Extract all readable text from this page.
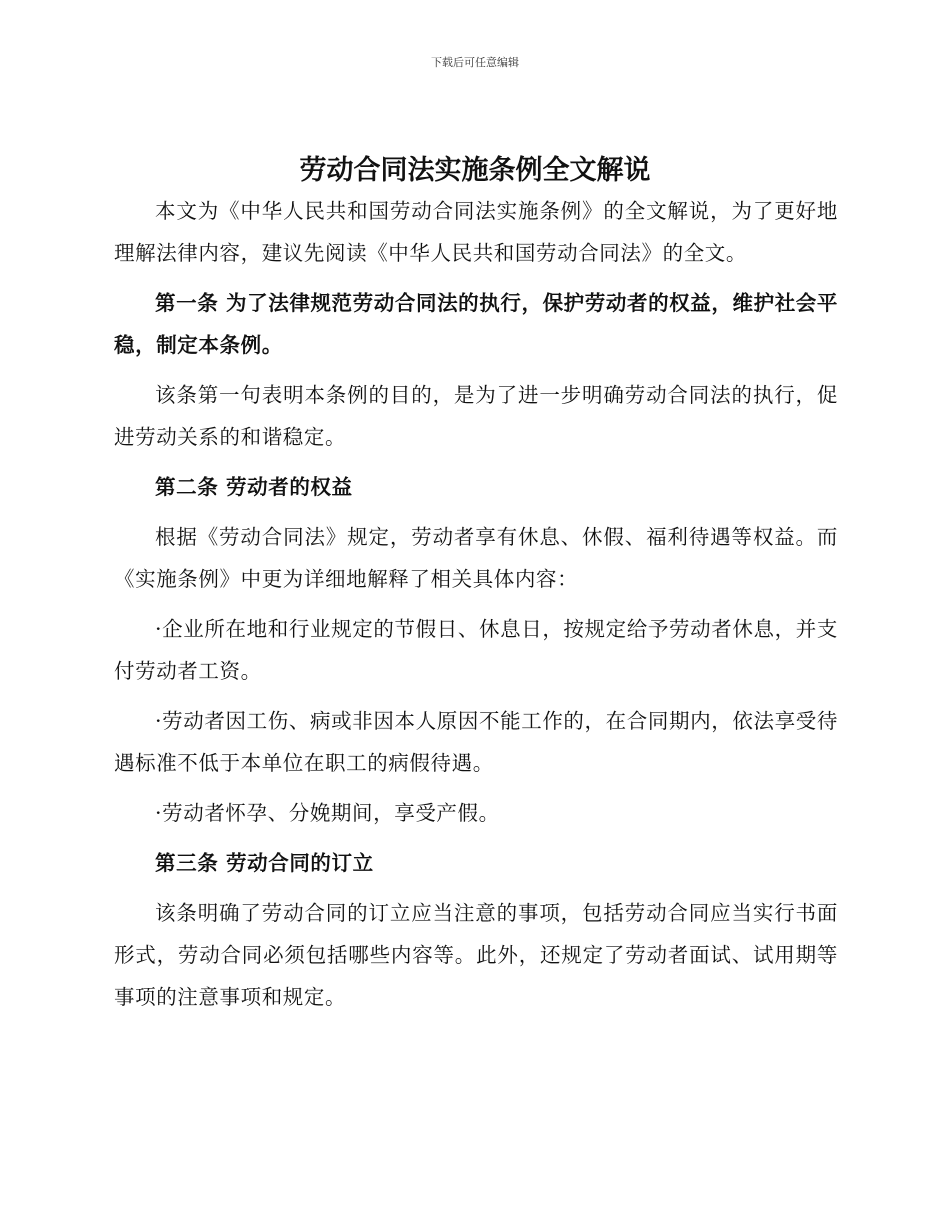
下载后可任意编辑
劳动合同法实施条例全文解说

本文为《中华人民共和国劳动合同法实施条例》的全文解说，为了更好地理解法律内容，建议先阅读《中华人民共和国劳动合同法》的全文。

第一条 为了法律规范劳动合同法的执行，保护劳动者的权益，维护社会平稳，制定本条例。

该条第一句表明本条例的目的，是为了进一步明确劳动合同法的执行，促进劳动关系的和谐稳定。

第二条 劳动者的权益

根据《劳动合同法》规定，劳动者享有休息、休假、福利待遇等权益。而《实施条例》中更为详细地解释了相关具体内容：

·企业所在地和行业规定的节假日、休息日，按规定给予劳动者休息，并支付劳动者工资。

·劳动者因工伤、病或非因本人原因不能工作的，在合同期内，依法享受待遇标准不低于本单位在职工的病假待遇。

·劳动者怀孕、分娩期间，享受产假。

第三条 劳动合同的订立

该条明确了劳动合同的订立应当注意的事项，包括劳动合同应当实行书面形式，劳动合同必须包括哪些内容等。此外，还规定了劳动者面试、试用期等事项的注意事项和规定。
